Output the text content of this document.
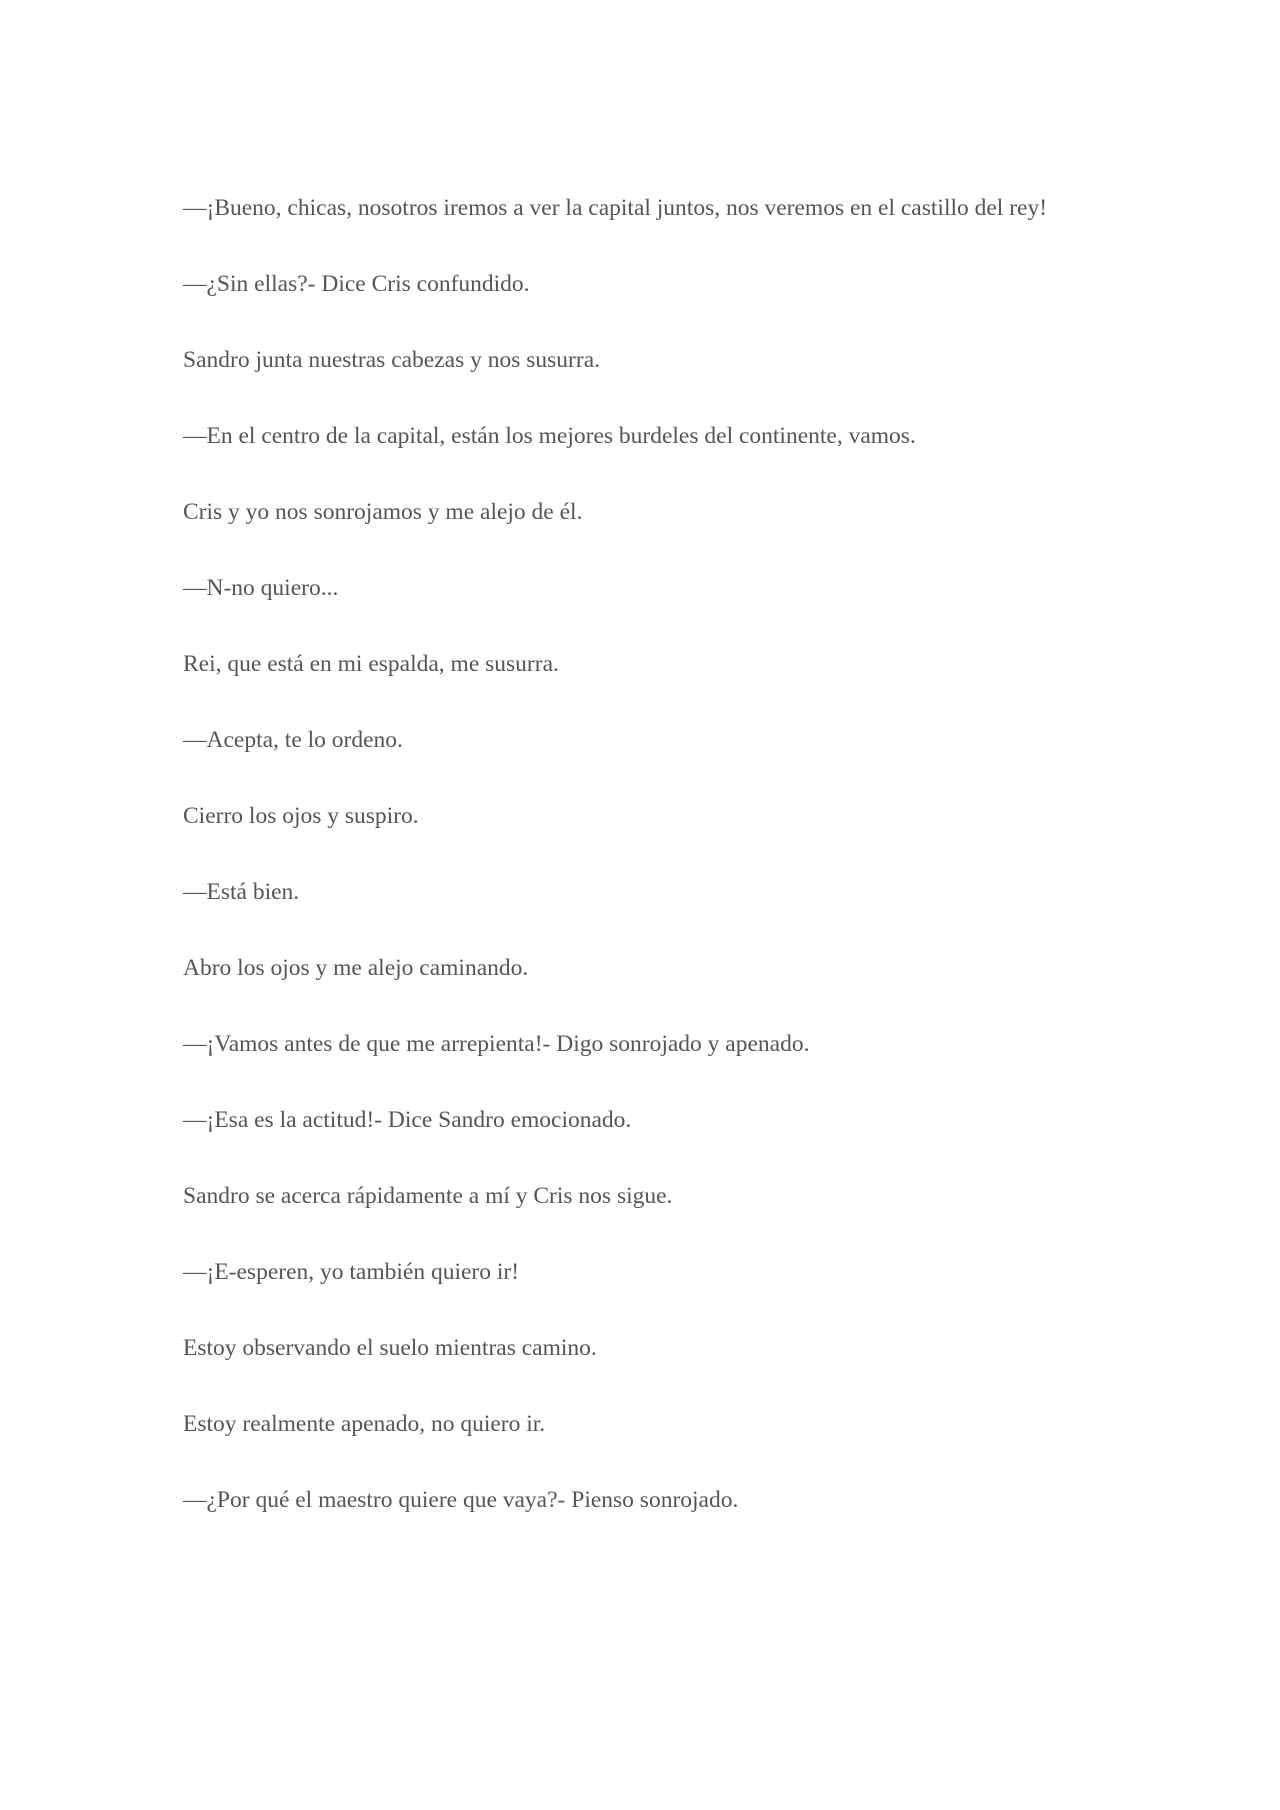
—¡Bueno, chicas, nosotros iremos a ver la capital juntos, nos veremos en el castillo del rey!

—¿Sin ellas?- Dice Cris confundido.

Sandro junta nuestras cabezas y nos susurra.

—En el centro de la capital, están los mejores burdeles del continente, vamos.

Cris y yo nos sonrojamos y me alejo de él.

—N-no quiero...

Rei, que está en mi espalda, me susurra.

—Acepta, te lo ordeno.

Cierro los ojos y suspiro.

—Está bien.

Abro los ojos y me alejo caminando.

—¡Vamos antes de que me arrepienta!- Digo sonrojado y apenado.

—¡Esa es la actitud!- Dice Sandro emocionado.

Sandro se acerca rápidamente a mí y Cris nos sigue.

—¡E-esperen, yo también quiero ir!

Estoy observando el suelo mientras camino.

Estoy realmente apenado, no quiero ir.

—¿Por qué el maestro quiere que vaya?- Pienso sonrojado.
